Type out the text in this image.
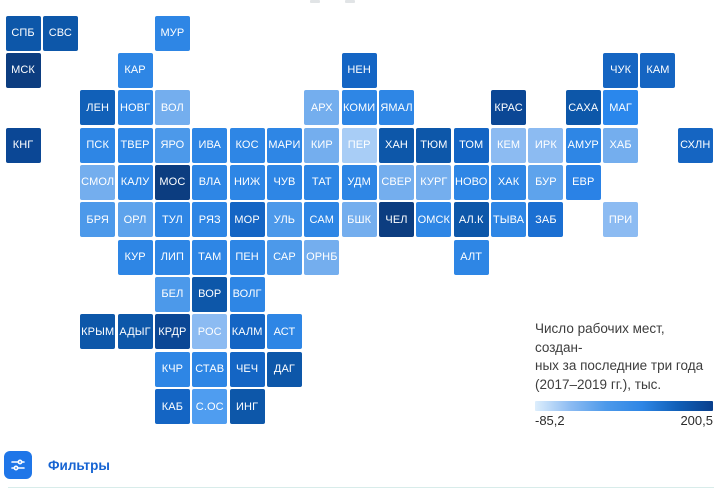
СПБ СВС	МУР
МСК	КАР	НЕН	ЧУК КАМ
ЛЕН НОВГ ВОЛ	АРХ КОМИ ЯМАЛ	КРАС	САХА МАГ
КНГ	ПСК ТВЕР ЯРО ИВА КОС МАРИ КИР ПЕР ХАН ТЮМ ТОМ КЕМ ИРК АМУР ХАБ	СХЛН
СМОЛ КАЛУ МОС ВЛА НИЖ ЧУВ ТАТ УДМ СВЕР КУРГ НОВО ХАК БУР ЕВР
БРЯ ОРЛ ТУЛ РЯЗ МОР УЛЬ САМ БШК ЧЕЛ ОМСК АЛ.К ТЫВА ЗАБ	ПРИ
КУР ЛИП ТАМ ПЕН САР ОРНБ	АЛТ
БЕЛ ВОР ВОЛГ
КРЫМ АДЫГ КРДР РОС КАЛМ АСТ
КЧР СТАВ ЧЕЧ ДАГ
КАБ С.ОС ИНГ
Число рабочих мест, создан-
ных за последние три года
(2017–2019 гг.), тыс.
-85,2	200,5
Фильтры
